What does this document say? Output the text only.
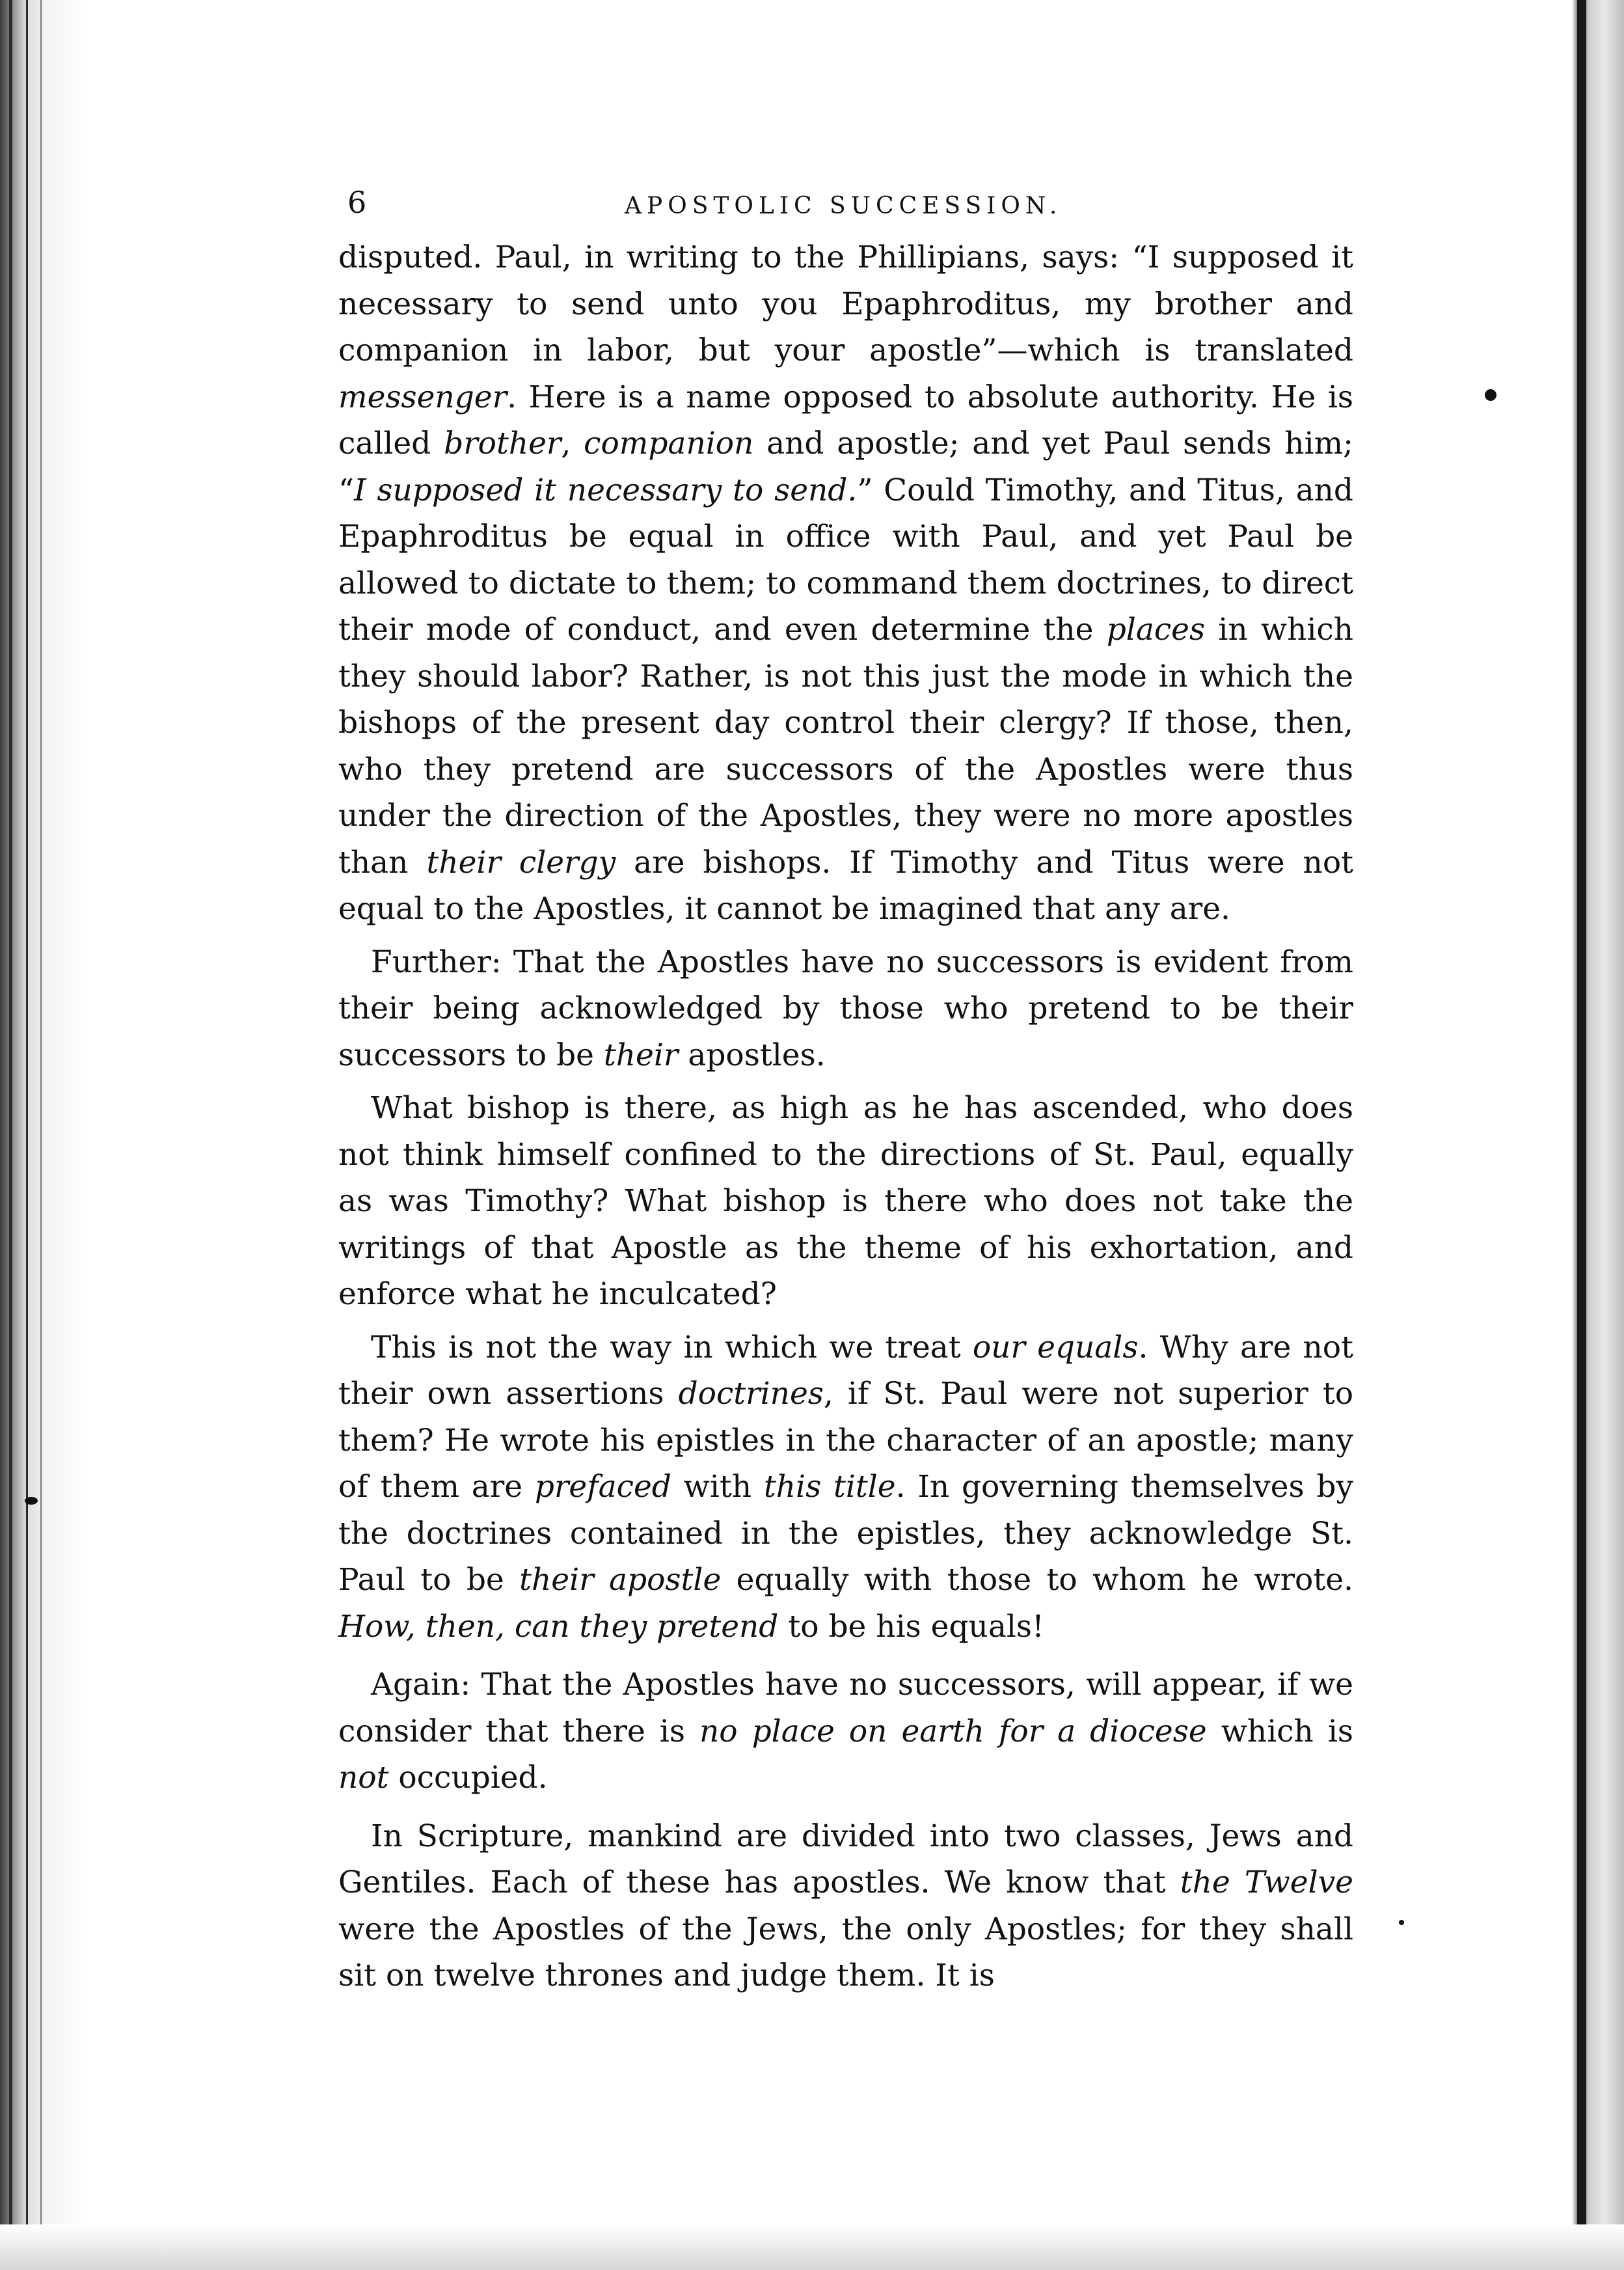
6	APOSTOLIC SUCCESSION.

disputed. Paul, in writing to the Phillipians, says: “I supposed it necessary to send unto you Epaphroditus, my brother and companion in labor, but your apostle”—which is translated messenger. Here is a name opposed to absolute authority. He is called brother, companion and apostle; and yet Paul sends him; “I supposed it necessary to send.” Could Timothy, and Titus, and Epaphroditus be equal in office with Paul, and yet Paul be allowed to dictate to them; to command them doctrines, to direct their mode of conduct, and even determine the places in which they should labor? Rather, is not this just the mode in which the bishops of the present day control their clergy? If those, then, who they pretend are successors of the Apostles were thus under the direction of the Apostles, they were no more apostles than their clergy are bishops. If Timothy and Titus were not equal to the Apostles, it cannot be imagined that any are.

Further: That the Apostles have no successors is evident from their being acknowledged by those who pretend to be their successors to be their apostles.

What bishop is there, as high as he has ascended, who does not think himself confined to the directions of St. Paul, equally as was Timothy? What bishop is there who does not take the writings of that Apostle as the theme of his exhortation, and enforce what he inculcated?

This is not the way in which we treat our equals. Why are not their own assertions doctrines, if St. Paul were not superior to them? He wrote his epistles in the character of an apostle; many of them are prefaced with this title. In governing themselves by the doctrines contained in the epistles, they acknowledge St. Paul to be their apostle equally with those to whom he wrote. How, then, can they pretend to be his equals!

Again: That the Apostles have no successors, will appear, if we consider that there is no place on earth for a diocese which is not occupied.

In Scripture, mankind are divided into two classes, Jews and Gentiles. Each of these has apostles. We know that the Twelve were the Apostles of the Jews, the only Apostles; for they shall sit on twelve thrones and judge them. It is
